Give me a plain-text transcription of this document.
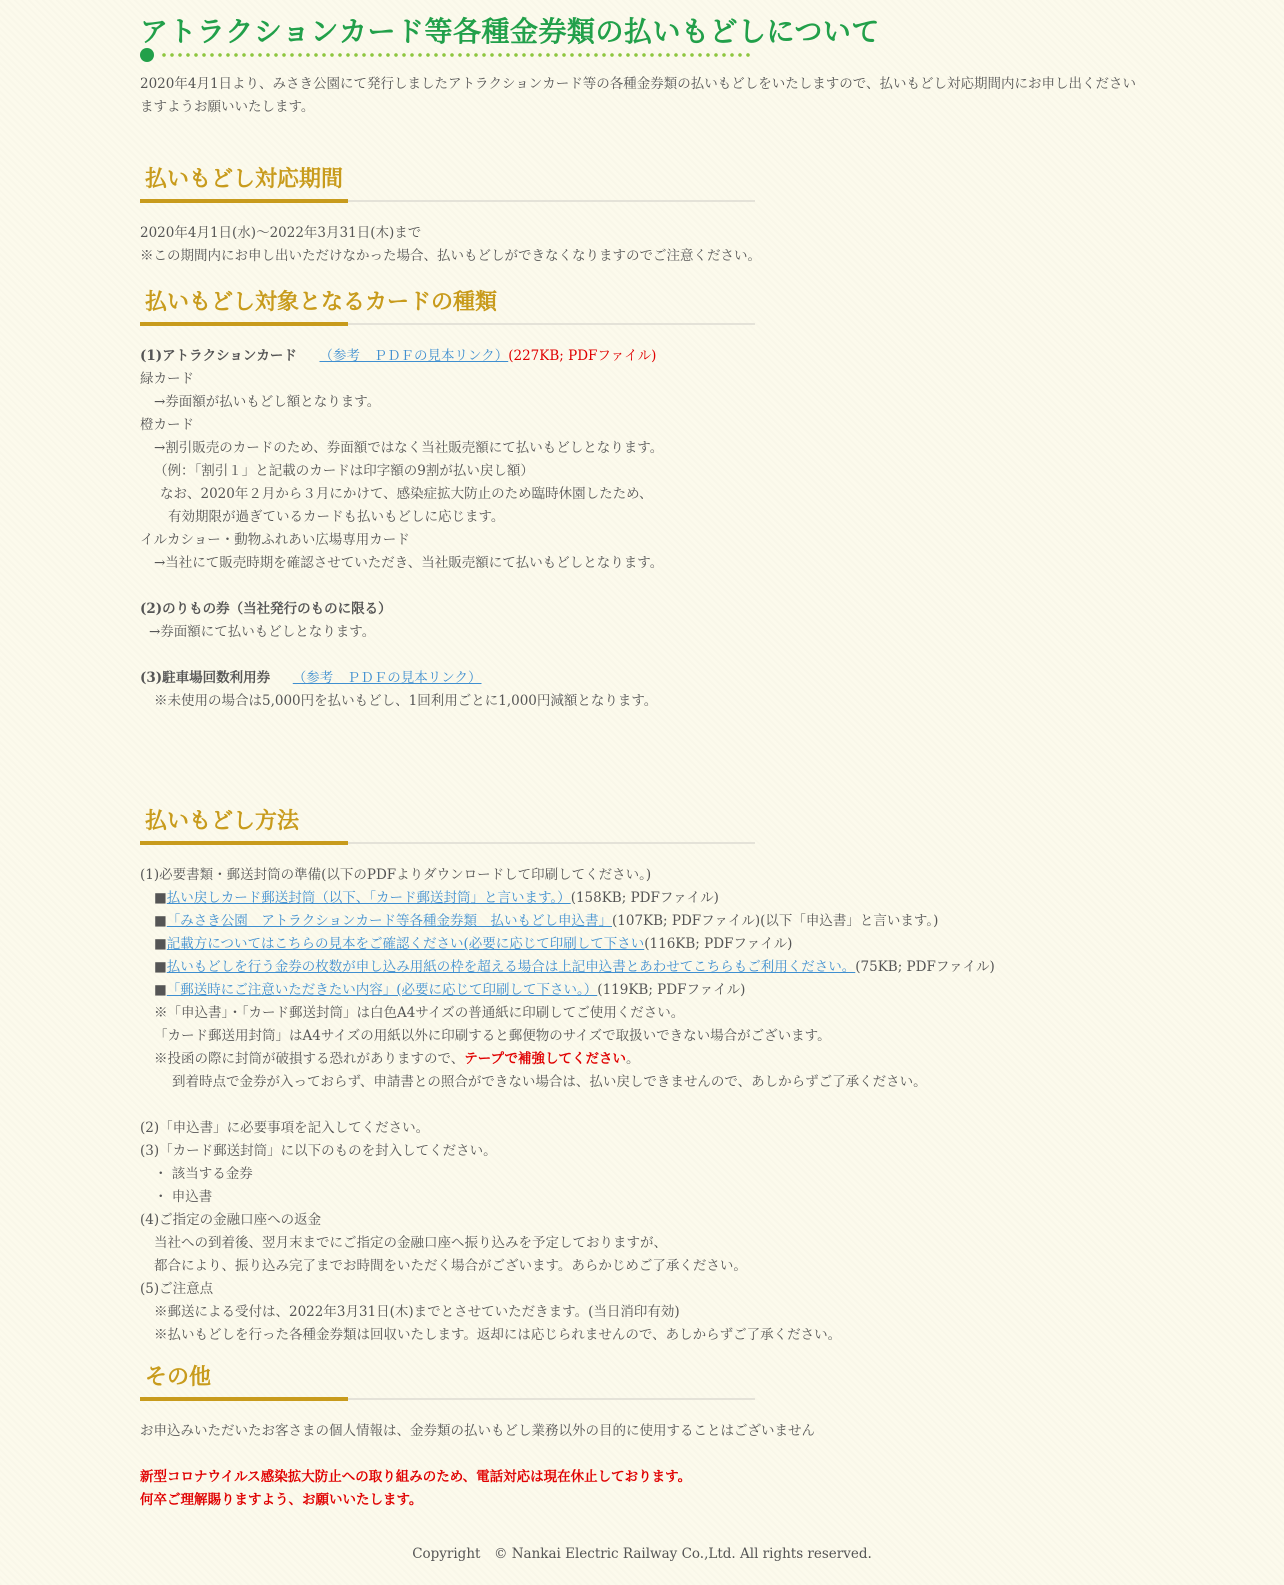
アトラクションカード等各種金券類の払いもどしについて
2020年4月1日より、みさき公園にて発行しましたアトラクションカード等の各種金券類の払いもどしをいたしますので、払いもどし対応期間内にお申し出くださいますようお願いいたします。
払いもどし対応期間
2020年4月1日(水)～2022年3月31日(木)まで
※この期間内にお申し出いただけなかった場合、払いもどしができなくなりますのでご注意ください。
払いもどし対象となるカードの種類
(1)アトラクションカード （参考　ＰＤＦの見本リンク）(227KB; PDFファイル)
緑カード
→券面額が払いもどし額となります。
橙カード
→割引販売のカードのため、券面額ではなく当社販売額にて払いもどしとなります。
（例：「割引１」と記載のカードは印字額の9割が払い戻し額）
なお、2020年２月から３月にかけて、感染症拡大防止のため臨時休園したため、
有効期限が過ぎているカードも払いもどしに応じます。
イルカショー・動物ふれあい広場専用カード
→当社にて販売時期を確認させていただき、当社販売額にて払いもどしとなります。
(2)のりもの券（当社発行のものに限る）
→券面額にて払いもどしとなります。
(3)駐車場回数利用券 （参考　ＰＤＦの見本リンク）
※未使用の場合は5,000円を払いもどし、1回利用ごとに1,000円減額となります。
払いもどし方法
(1)必要書類・郵送封筒の準備(以下のPDFよりダウンロードして印刷してください。)
■払い戻しカード郵送封筒（以下、「カード郵送封筒」と言います。）(158KB; PDFファイル)
■「みさき公園　アトラクションカード等各種金券類　払いもどし申込書」(107KB; PDFファイル)(以下「申込書」と言います。)
■記載方についてはこちらの見本をご確認ください(必要に応じて印刷して下さい(116KB; PDFファイル)
■払いもどしを行う金券の枚数が申し込み用紙の枠を超える場合は上記申込書とあわせてこちらもご利用ください。(75KB; PDFファイル)
■「郵送時にご注意いただきたい内容」(必要に応じて印刷して下さい。）(119KB; PDFファイル)
※「申込書」・「カード郵送封筒」は白色A4サイズの普通紙に印刷してご使用ください。
「カード郵送用封筒」はA4サイズの用紙以外に印刷すると郵便物のサイズで取扱いできない場合がございます。
※投函の際に封筒が破損する恐れがありますので、テープで補強してください。
到着時点で金券が入っておらず、申請書との照合ができない場合は、払い戻しできませんので、あしからずご了承ください。
(2)「申込書」に必要事項を記入してください。
(3)「カード郵送封筒」に以下のものを封入してください。
・ 該当する金券
・ 申込書
(4)ご指定の金融口座への返金
当社への到着後、翌月末までにご指定の金融口座へ振り込みを予定しておりますが、
都合により、振り込み完了までお時間をいただく場合がございます。あらかじめご了承ください。
(5)ご注意点
※郵送による受付は、2022年3月31日(木)までとさせていただきます。(当日消印有効)
※払いもどしを行った各種金券類は回収いたします。返却には応じられませんので、あしからずご了承ください。
その他
お申込みいただいたお客さまの個人情報は、金券類の払いもどし業務以外の目的に使用することはございません
新型コロナウイルス感染拡大防止への取り組みのため、電話対応は現在休止しております。
何卒ご理解賜りますよう、お願いいたします。
Copyright　© Nankai Electric Railway Co.,Ltd. All rights reserved.
